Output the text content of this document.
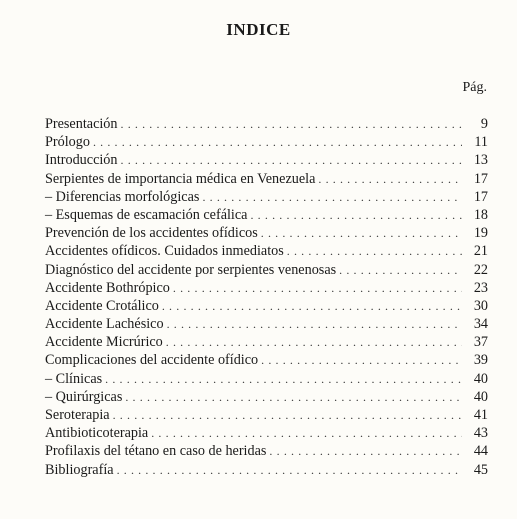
INDICE
Pág.
Presentación . . .	9
Prólogo . . .	11
Introducción . . .	13
Serpientes de importancia médica en Venezuela . . .	17
– Diferencias morfológicas . . .	17
– Esquemas de escamación cefálica . . .	18
Prevención de los accidentes ofídicos . . .	19
Accidentes ofídicos. Cuidados inmediatos . . .	21
Diagnóstico del accidente por serpientes venenosas . . .	22
Accidente Bothrópico . . .	23
Accidente Crotálico . . .	30
Accidente Lachésico . . .	34
Accidente Micrúrico . . .	37
Complicaciones del accidente ofídico . . .	39
– Clínicas . . .	40
– Quirúrgicas . . .	40
Seroterapia . . .	41
Antibioticoterapia . . .	43
Profilaxis del tétano en caso de heridas . . .	44
Bibliografía . . .	45
